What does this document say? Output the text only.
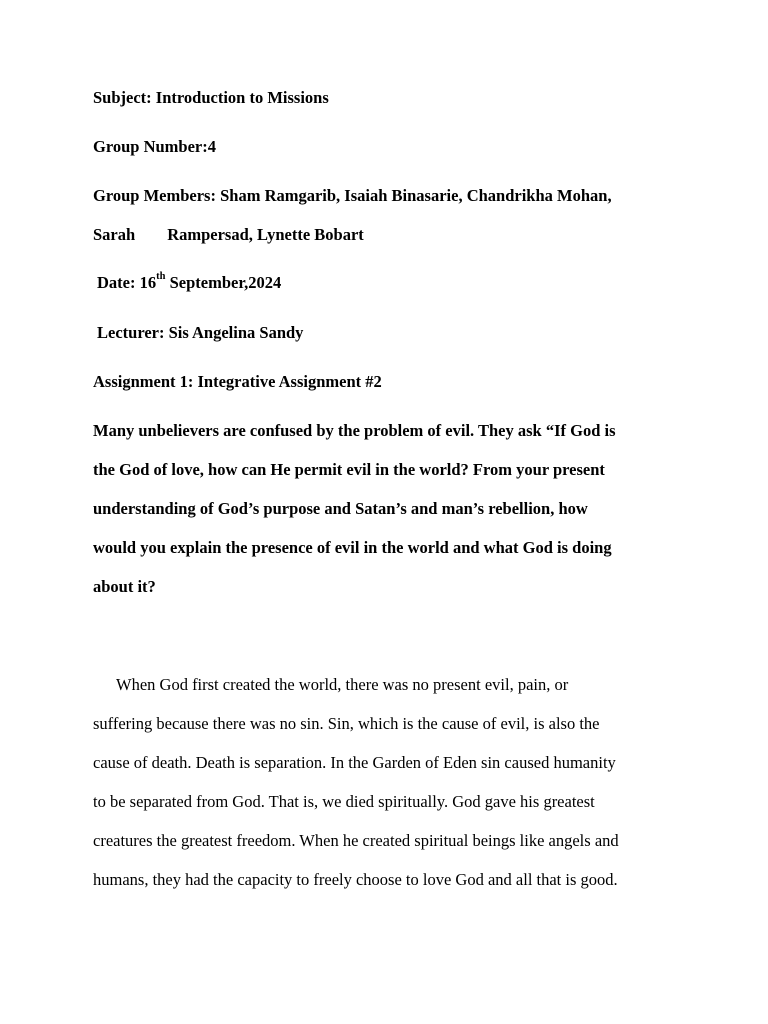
Subject: Introduction to Missions
Group Number:4
Group Members: Sham Ramgarib, Isaiah Binasarie, Chandrikha Mohan,
Sarah Rampersad, Lynette Bobart
Date: 16th September,2024
Lecturer: Sis Angelina Sandy
Assignment 1: Integrative Assignment #2
Many unbelievers are confused by the problem of evil. They ask “If God is
the God of love, how can He permit evil in the world? From your present
understanding of God’s purpose and Satan’s and man’s rebellion, how
would you explain the presence of evil in the world and what God is doing
about it?
When God first created the world, there was no present evil, pain, or
suffering because there was no sin. Sin, which is the cause of evil, is also the
cause of death. Death is separation. In the Garden of Eden sin caused humanity
to be separated from God. That is, we died spiritually. God gave his greatest
creatures the greatest freedom. When he created spiritual beings like angels and
humans, they had the capacity to freely choose to love God and all that is good.
